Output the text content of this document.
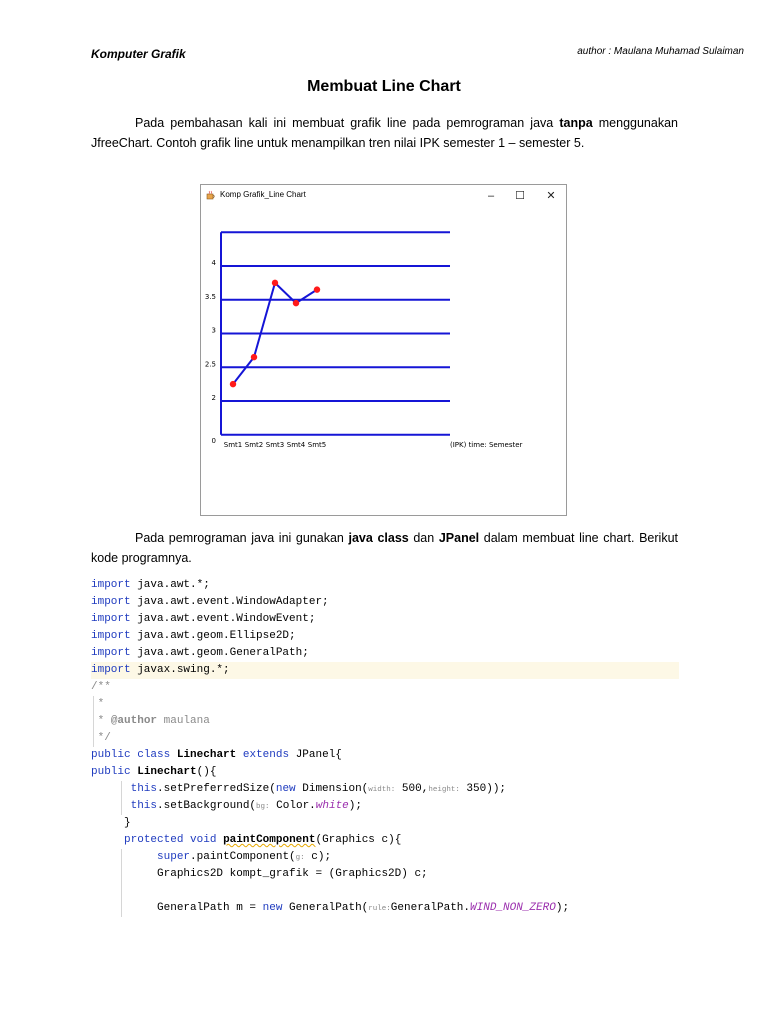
Komputer Grafik	author : Maulana Muhamad Sulaiman
Membuat Line Chart
Pada pembahasan kali ini membuat grafik line pada pemrograman java tanpa menggunakan JfreeChart. Contoh grafik line untuk menampilkan tren nilai IPK semester 1 – semester 5.
Komp Grafik_Line Chart	–	☐	✕
0
2
2.5
3
3.5
4
Smt1 Smt2 Smt3 Smt4 Smt5	(IPK) time: Semester
Pada pemrograman java ini gunakan java class dan JPanel dalam membuat line chart. Berikut kode programnya.
import java.awt.*;
import java.awt.event.WindowAdapter;
import java.awt.event.WindowEvent;
import java.awt.geom.Ellipse2D;
import java.awt.geom.GeneralPath;
import javax.swing.*;
/**
*
* @author maulana
*/
public class Linechart extends JPanel{
public Linechart(){
this.setPreferredSize(new Dimension(width: 500,height: 350));
this.setBackground(bg: Color.white);
}
protected void paintComponent(Graphics c){
super.paintComponent(g: c);
Graphics2D kompt_grafik = (Graphics2D) c;

GeneralPath m = new GeneralPath(rule:GeneralPath.WIND_NON_ZERO);
